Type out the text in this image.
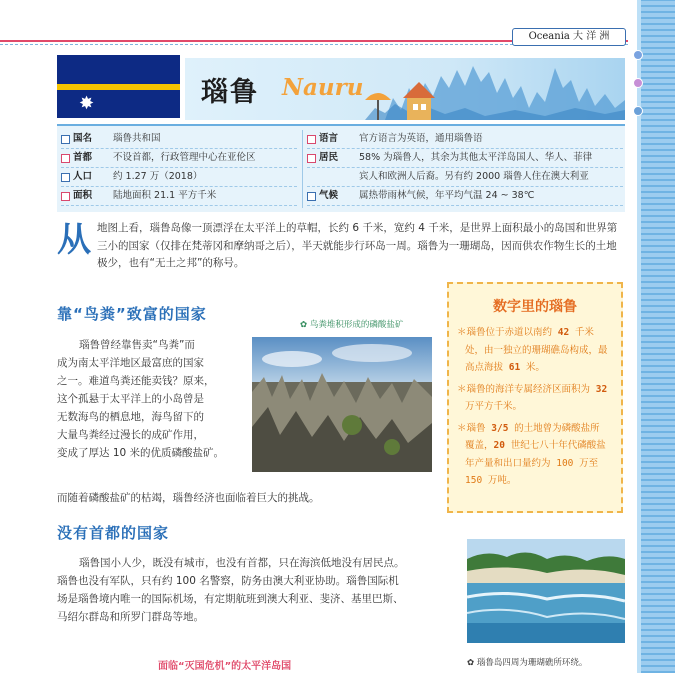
Oceania 大 洋 洲
✸	瑙鲁 Nauru
国名 瑙鲁共和国
首都 不设首都，行政管理中心在亚伦区
人口 约 1.27 万（2018）
面积 陆地面积 21.1 平方千米
语言 官方语言为英语，通用瑙鲁语
居民 58% 为瑙鲁人，其余为其他太平洋岛国人、华人、菲律
宾人和欧洲人后裔。另有约 2000 瑙鲁人住在澳大利亚
气候 属热带雨林气候，年平均气温 24 ~ 38℃
从地图上看，瑙鲁岛像一顶漂浮在太平洋上的草帽，长约 6 千米，宽约 4 千米，是世界上面积最小的岛国和世界第三小的国家（仅排在梵蒂冈和摩纳哥之后），半天就能步行环岛一周。瑙鲁为一珊瑚岛，因而供农作物生长的土地极少，也有“无土之邦”的称号。
靠“鸟粪”致富的国家
✿ 鸟粪堆积形成的磷酸盐矿
瑙鲁曾经靠售卖“鸟粪”而
成为南太平洋地区最富庶的国家
之一。难道鸟粪还能卖钱？原来，
这个孤悬于太平洋上的小岛曾是
无数海鸟的栖息地，海鸟留下的
大量鸟粪经过漫长的成矿作用，
变成了厚达 10 米的优质磷酸盐矿。
而随着磷酸盐矿的枯竭，瑙鲁经济也面临着巨大的挑战。
数字里的瑙鲁
＊瑙鲁位于赤道以南约 42 千米处，由一独立的珊瑚礁岛构成，最高点海拔 61 米。
＊瑙鲁的海洋专属经济区面积为 32 万平方千米。
＊瑙鲁 3/5 的土地曾为磷酸盐所覆盖，20 世纪七八十年代磷酸盐年产量和出口量约为 100 万至 150 万吨。
没有首都的国家
瑙鲁国小人少，既没有城市，也没有首都，只在海滨低地没有居民点。
瑙鲁也没有军队，只有约 100 名警察，防务由澳大利亚协助。瑙鲁国际机
场是瑙鲁境内唯一的国际机场，有定期航班到澳大利亚、斐济、基里巴斯、
马绍尔群岛和所罗门群岛等地。
✿ 瑙鲁岛四周为珊瑚礁所环绕。
面临“灭国危机”的太平洋岛国
